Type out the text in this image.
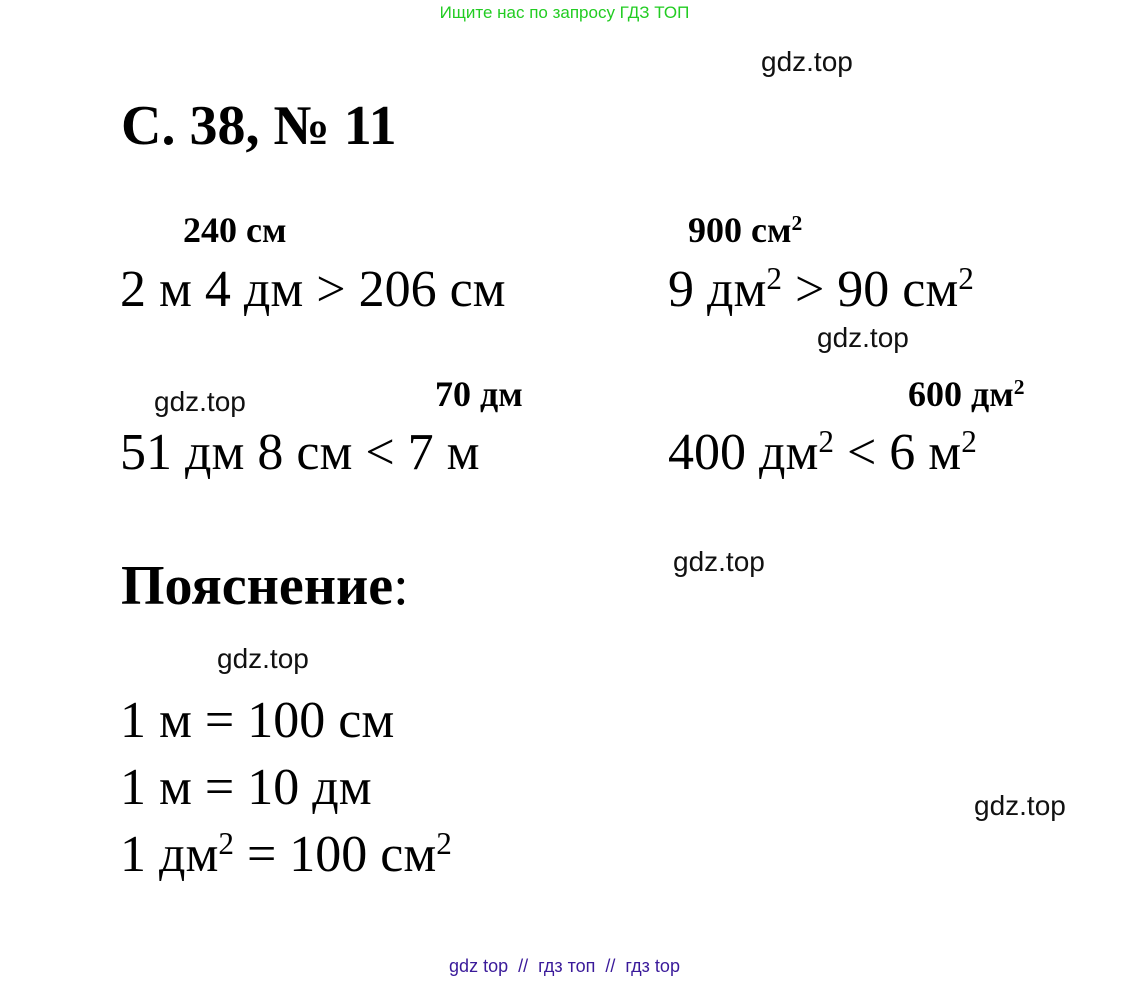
Ищите нас по запросу ГДЗ ТОП
gdz.top
gdz.top
gdz.top
gdz.top
gdz.top
gdz.top
С. 38, № 11
240 см
2 м 4 дм > 206 см
900 $см^2$
9 $дм^2 > 90$ $см^2$
70 дм
51 дм 8 см < 7 м
600 $дм^2$
400 $дм^2 < 6$ $м^2$
Пояснение:
1 м = 100 см
1 м = 10 дм
1 $дм^2 = 100$ $см^2$
gdz top  //  гдз топ  //  гдз top
